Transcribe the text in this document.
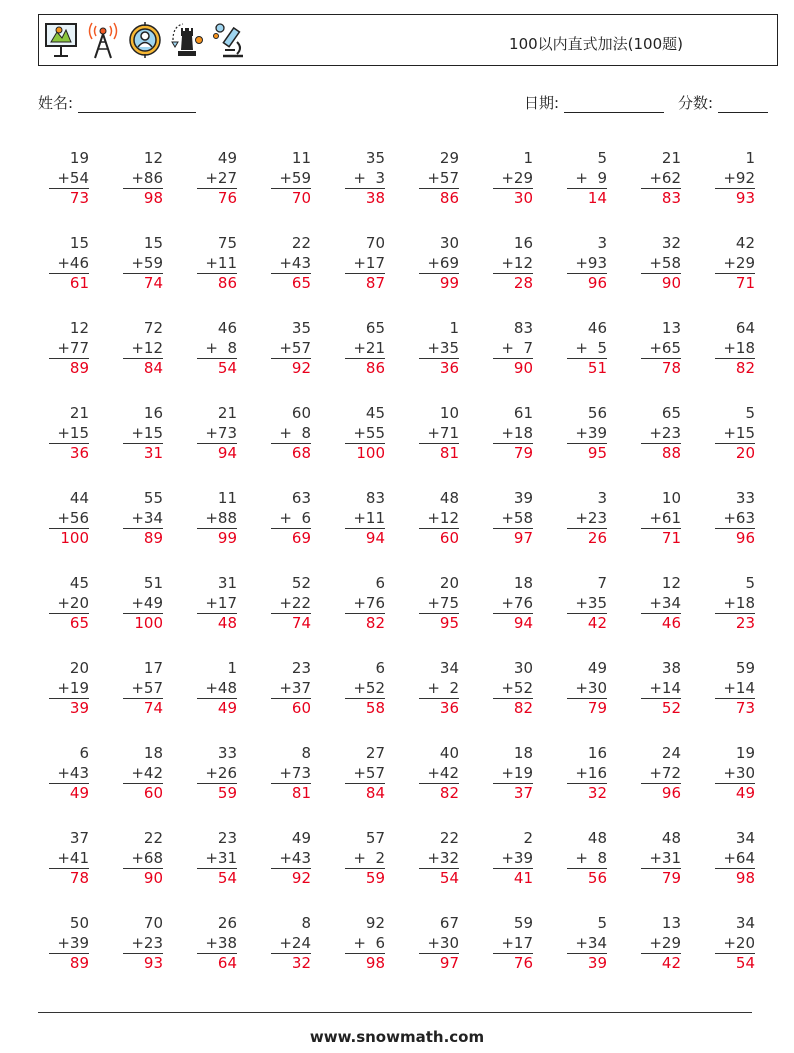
100以内直式加法(100题)
姓名:	日期:	分数:
19
+54
73
12
+86
98
49
+27
76
11
+59
70
35
+  3
38
29
+57
86
1
+29
30
5
+  9
14
21
+62
83
1
+92
93
15
+46
61
15
+59
74
75
+11
86
22
+43
65
70
+17
87
30
+69
99
16
+12
28
3
+93
96
32
+58
90
42
+29
71
12
+77
89
72
+12
84
46
+  8
54
35
+57
92
65
+21
86
1
+35
36
83
+  7
90
46
+  5
51
13
+65
78
64
+18
82
21
+15
36
16
+15
31
21
+73
94
60
+  8
68
45
+55
100
10
+71
81
61
+18
79
56
+39
95
65
+23
88
5
+15
20
44
+56
100
55
+34
89
11
+88
99
63
+  6
69
83
+11
94
48
+12
60
39
+58
97
3
+23
26
10
+61
71
33
+63
96
45
+20
65
51
+49
100
31
+17
48
52
+22
74
6
+76
82
20
+75
95
18
+76
94
7
+35
42
12
+34
46
5
+18
23
20
+19
39
17
+57
74
1
+48
49
23
+37
60
6
+52
58
34
+  2
36
30
+52
82
49
+30
79
38
+14
52
59
+14
73
6
+43
49
18
+42
60
33
+26
59
8
+73
81
27
+57
84
40
+42
82
18
+19
37
16
+16
32
24
+72
96
19
+30
49
37
+41
78
22
+68
90
23
+31
54
49
+43
92
57
+  2
59
22
+32
54
2
+39
41
48
+  8
56
48
+31
79
34
+64
98
50
+39
89
70
+23
93
26
+38
64
8
+24
32
92
+  6
98
67
+30
97
59
+17
76
5
+34
39
13
+29
42
34
+20
54
www.snowmath.com
